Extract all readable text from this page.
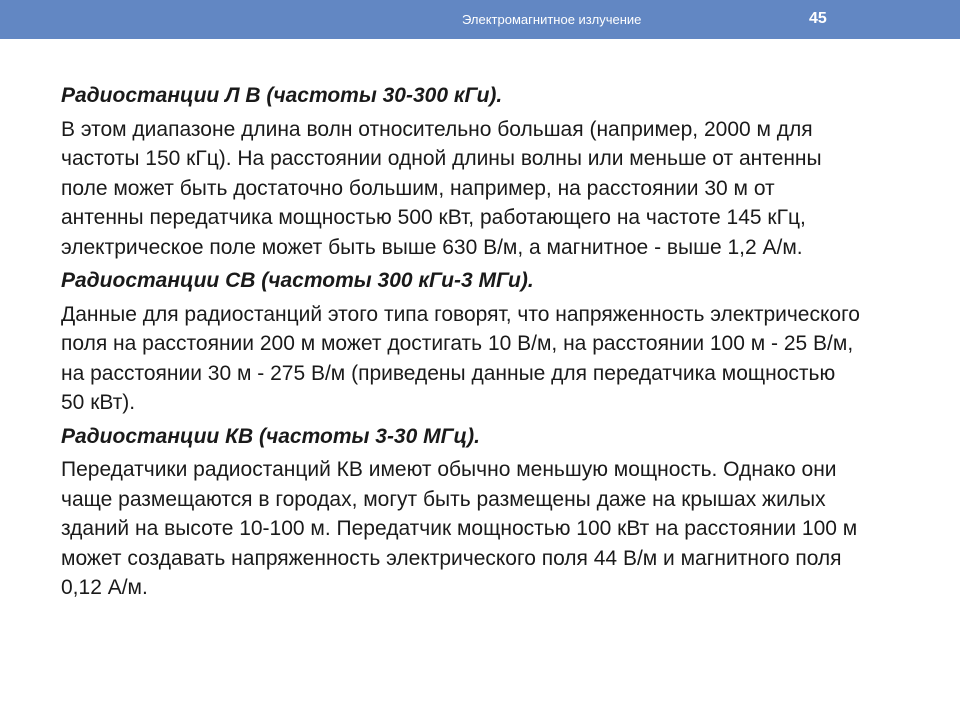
Электромагнитное излучение	45

Радиостанции Л В (частоты 30-300 кГи).

В этом диапазоне длина волн относительно большая (например, 2000 м для частоты 150 кГц). На расстоянии одной длины волны или меньше от антенны поле может быть достаточно большим, например, на расстоянии 30 м от антенны передатчика мощностью 500 кВт, работающего на частоте 145 кГц, электрическое поле может быть выше 630 В/м, а магнитное - выше 1,2 А/м.

Радиостанции СВ (частоты 300 кГи-3 МГи).

Данные для радиостанций этого типа говорят, что напряженность электрического поля на расстоянии 200 м может достигать 10 В/м, на расстоянии 100 м - 25 В/м, на расстоянии 30 м - 275 В/м (приведены данные для передатчика мощностью 50 кВт).

Радиостанции КВ (частоты 3-30 МГц).

Передатчики радиостанций КВ имеют обычно меньшую мощность. Однако они чаще размещаются в городах, могут быть размещены даже на крышах жилых зданий на высоте 10-100 м. Передатчик мощностью 100 кВт на расстоянии 100 м может создавать напряженность электрического поля 44 В/м и магнитного поля 0,12 А/м.
